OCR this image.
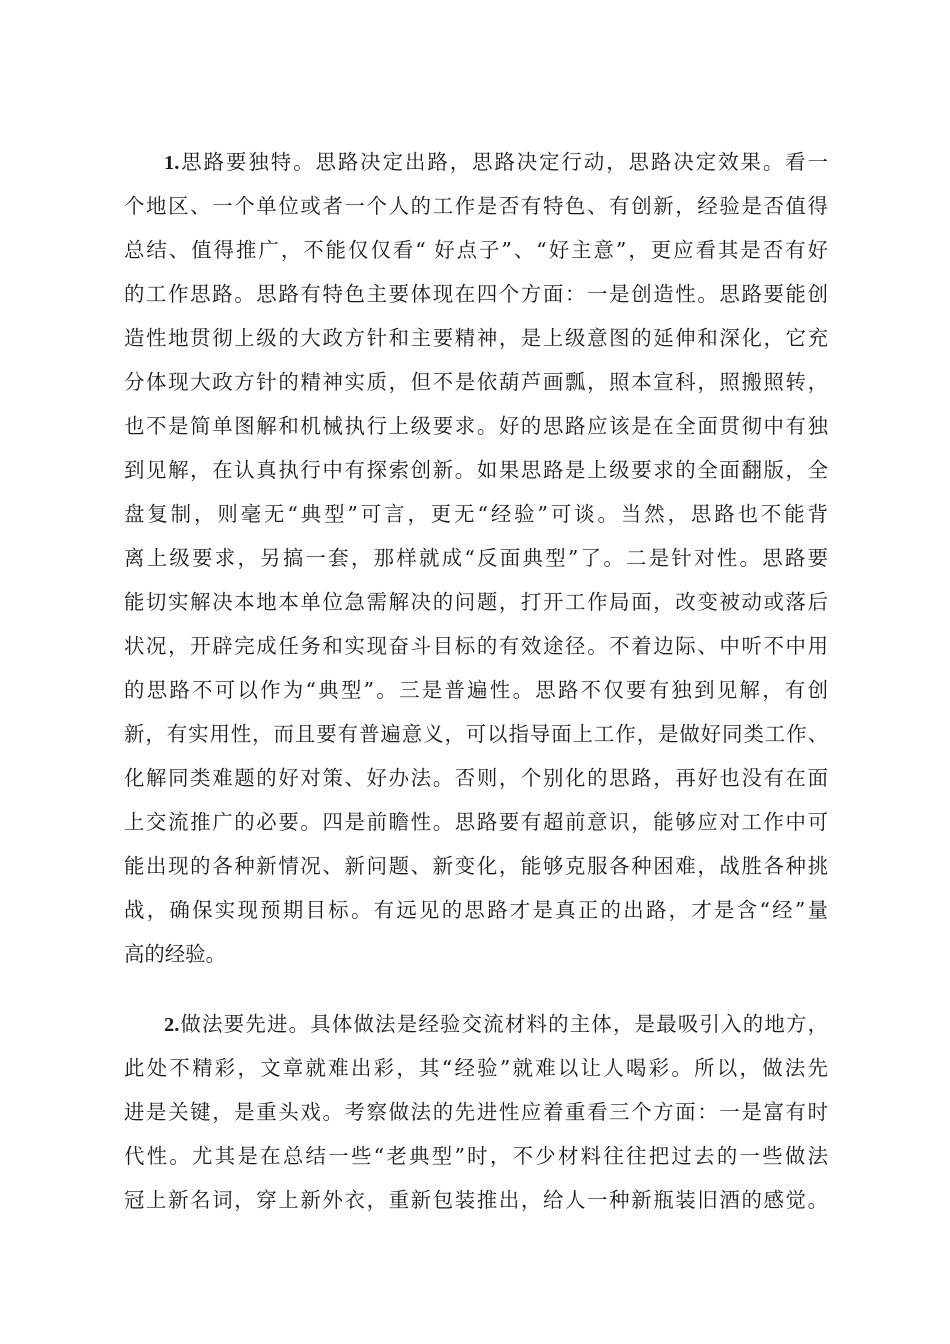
1.思路要独特。思路决定出路，思路决定行动，思路决定效果。看一
个地区、一个单位或者一个人的工作是否有特色、有创新，经验是否值得
总结、值得推广，不能仅仅看“ 好点子”、“好主意”，更应看其是否有好
的工作思路。思路有特色主要体现在四个方面：一是创造性。思路要能创
造性地贯彻上级的大政方针和主要精神，是上级意图的延伸和深化，它充
分体现大政方针的精神实质，但不是依葫芦画瓢，照本宣科，照搬照转，
也不是简单图解和机械执行上级要求。好的思路应该是在全面贯彻中有独
到见解，在认真执行中有探索创新。如果思路是上级要求的全面翻版，全
盘复制，则毫无“典型”可言，更无“经验”可谈。当然，思路也不能背
离上级要求，另搞一套，那样就成“反面典型”了。二是针对性。思路要
能切实解决本地本单位急需解决的问题，打开工作局面，改变被动或落后
状况，开辟完成任务和实现奋斗目标的有效途径。不着边际、中听不中用
的思路不可以作为“典型”。三是普遍性。思路不仅要有独到见解，有创
新，有实用性，而且要有普遍意义，可以指导面上工作，是做好同类工作、
化解同类难题的好对策、好办法。否则，个别化的思路，再好也没有在面
上交流推广的必要。四是前瞻性。思路要有超前意识，能够应对工作中可
能出现的各种新情况、新问题、新变化，能够克服各种困难，战胜各种挑
战，确保实现预期目标。有远见的思路才是真正的出路，才是含“经”量
高的经验。
2.做法要先进。具体做法是经验交流材料的主体，是最吸引入的地方，
此处不精彩，文章就难出彩，其“经验”就难以让人喝彩。所以，做法先
进是关键，是重头戏。考察做法的先进性应着重看三个方面：一是富有时
代性。尤其是在总结一些“老典型”时，不少材料往往把过去的一些做法
冠上新名词，穿上新外衣，重新包装推出，给人一种新瓶装旧酒的感觉。
